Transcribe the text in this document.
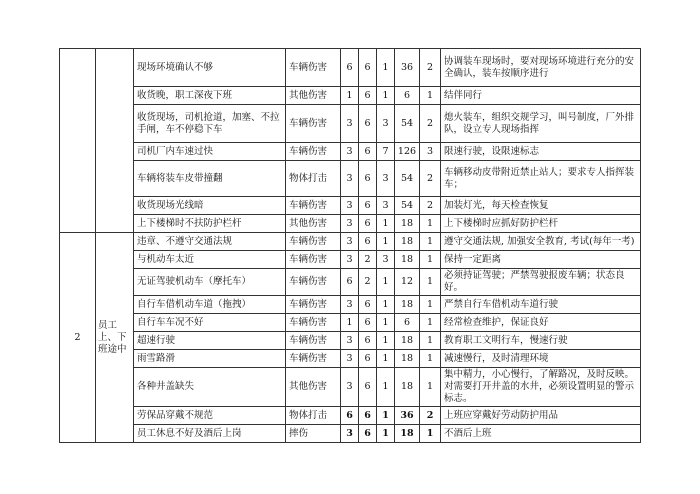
		现场环境确认不够	车辆伤害	6	6	1	36	2	协调装车现场时，要对现场环境进行充分的安全确认，装车按顺序进行
		收货晚，职工深夜下班	其他伤害	1	6	1	6	1	结伴同行
		收货现场，司机抢道，加塞、不拉手闸，车不停稳下车	车辆伤害	3	6	3	54	2	熄火装车，组织交规学习，叫号制度，厂外排队，设立专人现场指挥
		司机厂内车速过快	车辆伤害	3	6	7	126	3	限速行驶，设限速标志
		车辆将装车皮带撞翻	物体打击	3	6	3	54	2	车辆移动皮带附近禁止站人；要求专人指挥装车；
		收货现场光线暗	车辆伤害	3	6	3	54	2	加装灯光，每天检查恢复
		上下楼梯时不扶防护栏杆	其他伤害	3	6	1	18	1	上下楼梯时应抓好防护栏杆
2	员工上、下班途中	违章、不遵守交通法规	车辆伤害	3	6	1	18	1	遵守交通法规, 加强安全教育, 考试(每年一考)
		与机动车太近	车辆伤害	3	2	3	18	1	保持一定距离
		无证驾驶机动车（摩托车）	车辆伤害	6	2	1	12	1	必须持证驾驶；严禁驾驶报废车辆；状态良好。
		自行车借机动车道（拖拽）	车辆伤害	3	6	1	18	1	严禁自行车借机动车道行驶
		自行车车况不好	车辆伤害	1	6	1	6	1	经常检查维护，保证良好
		超速行驶	车辆伤害	3	6	1	18	1	教育职工文明行车，慢速行驶
		雨雪路滑	车辆伤害	3	6	1	18	1	减速慢行，及时清理环境
		各种井盖缺失	其他伤害	3	6	1	18	1	集中精力，小心慢行，了解路况，及时反映。对需要打开井盖的水井，必须设置明显的警示标志。
		劳保品穿戴不规范	物体打击	6	6	1	36	2	上班应穿戴好劳动防护用品
		员工休息不好及酒后上岗	摔伤	3	6	1	18	1	不酒后上班
